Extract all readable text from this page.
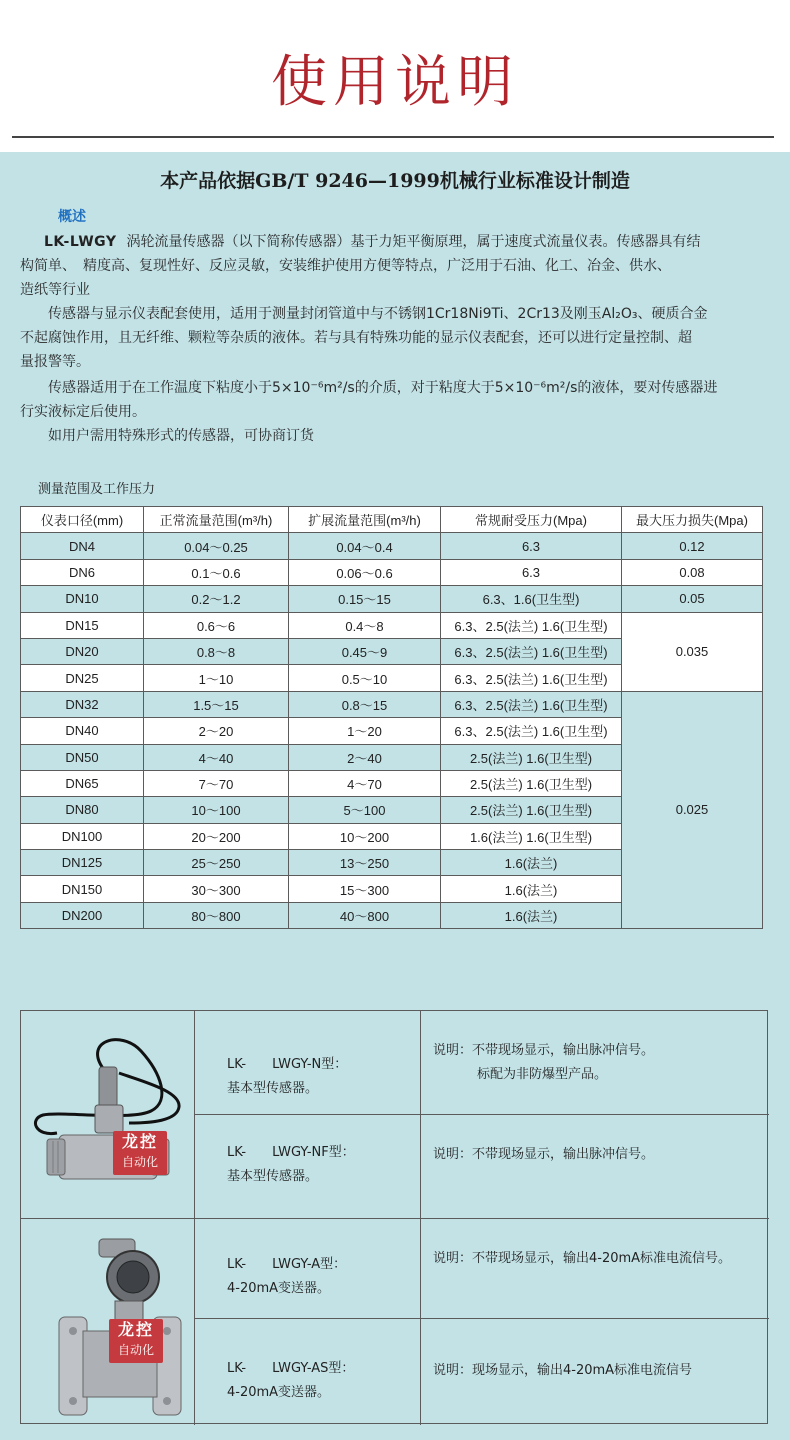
使用说明
本产品依据GB/T 9246—1999机械行业标准设计制造
概述

LK-LWGY 涡轮流量传感器（以下简称传感器）基于力矩平衡原理，属于速度式流量仪表。传感器具有结

构简单、　精度高、复现性好、反应灵敏，安装维护使用方便等特点，广泛用于石油、化工、冶金、供水、

造纸等行业

传感器与显示仪表配套使用，适用于测量封闭管道中与不锈钢1Cr18Ni9Ti、2Cr13及刚玉Al₂O₃、硬质合金

不起腐蚀作用，且无纤维、颗粒等杂质的液体。若与具有特殊功能的显示仪表配套，还可以进行定量控制、超

量报警等。

传感器适用于在工作温度下粘度小于5×10⁻⁶m²/s的介质，对于粘度大于5×10⁻⁶m²/s的液体，要对传感器进

行实液标定后使用。

如用户需用特殊形式的传感器，可协商订货

测量范围及工作压力
仪表口径(mm)	正常流量范围(m³/h)	扩展流量范围(m³/h)	常规耐受压力(Mpa)	最大压力损失(Mpa)
DN4	0.04～0.25	0.04～0.4	6.3	0.12
DN6	0.1～0.6	0.06～0.6	6.3	0.08
DN10	0.2～1.2	0.15～15	6.3、1.6(卫生型)	0.05
DN15	0.6～6	0.4～8	6.3、2.5(法兰) 1.6(卫生型)	0.035
DN20	0.8～8	0.45～9	6.3、2.5(法兰) 1.6(卫生型)	
DN25	1～10	0.5～10	6.3、2.5(法兰) 1.6(卫生型)	
DN32	1.5～15	0.8～15	6.3、2.5(法兰) 1.6(卫生型)	0.025
DN40	2～20	1～20	6.3、2.5(法兰) 1.6(卫生型)	
DN50	4～40	2～40	2.5(法兰) 1.6(卫生型)	
DN65	7～70	4～70	2.5(法兰) 1.6(卫生型)	
DN80	10～100	5～100	2.5(法兰) 1.6(卫生型)	
DN100	20～200	10～200	1.6(法兰) 1.6(卫生型)	
DN125	25～250	13～250	1.6(法兰)	
DN150	30～300	15～300	1.6(法兰)	
DN200	80～800	40～800	1.6(法兰)	
龙控
自动化
龙控
自动化
LK- LWGY-N型：
基本型传感器。
说明：不带现场显示，输出脉冲信号。
标配为非防爆型产品。
LK- LWGY-NF型：
基本型传感器。
说明：不带现场显示，输出脉冲信号。
LK- LWGY-A型：
4-20mA变送器。
说明：不带现场显示，输出4-20mA标准电流信号。
LK- LWGY-AS型：
4-20mA变送器。
说明：现场显示，输出4-20mA标准电流信号
